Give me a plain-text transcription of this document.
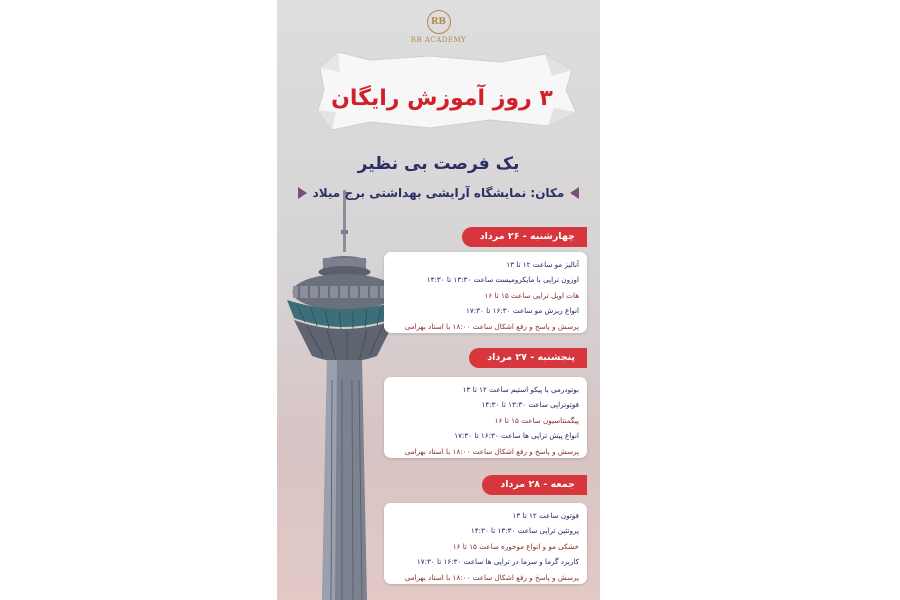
RB
RB ACADEMY
۳ روز آموزش رایگان
یک فرصت بی نظیر
مکان: نمایشگاه آرایشی بهداشتی برج میلاد
چهارشنبه - ۲۶ مرداد
آنالیز مو ساعت ۱۲ تا ۱۳
اوزون تراپی با مایکرومیست ساعت ۱۳:۳۰ تا ۱۴:۳۰
هات اویل تراپی ساعت ۱۵ تا ۱۶
انواع ریزش مو ساعت ۱۶:۳۰ تا ۱۷:۳۰
پرسش و پاسخ و رفع اشکال ساعت ۱۸:۰۰ با استاد بهرامی
پنجشنبه - ۲۷ مرداد
بوتودرمی با پیکو استیم ساعت ۱۲ تا ۱۳
فوتوتراپی ساعت ۱۳:۳۰ تا ۱۴:۳۰
پیگمنتاسیون ساعت ۱۵ تا ۱۶
انواع پیش تراپی ها ساعت ۱۶:۳۰ تا ۱۷:۳۰
پرسش و پاسخ و رفع اشکال ساعت ۱۸:۰۰ با استاد بهرامی
جمعه - ۲۸ مرداد
فوتون ساعت ۱۲ تا ۱۳
پروتئین تراپی ساعت ۱۳:۳۰ تا ۱۴:۳۰
خشکی مو و انواع موخوره ساعت ۱۵ تا ۱۶
کاربرد گرما و سرما در تراپی ها ساعت ۱۶:۳۰ تا ۱۷:۳۰
پرسش و پاسخ و رفع اشکال ساعت ۱۸:۰۰ با استاد بهرامی
